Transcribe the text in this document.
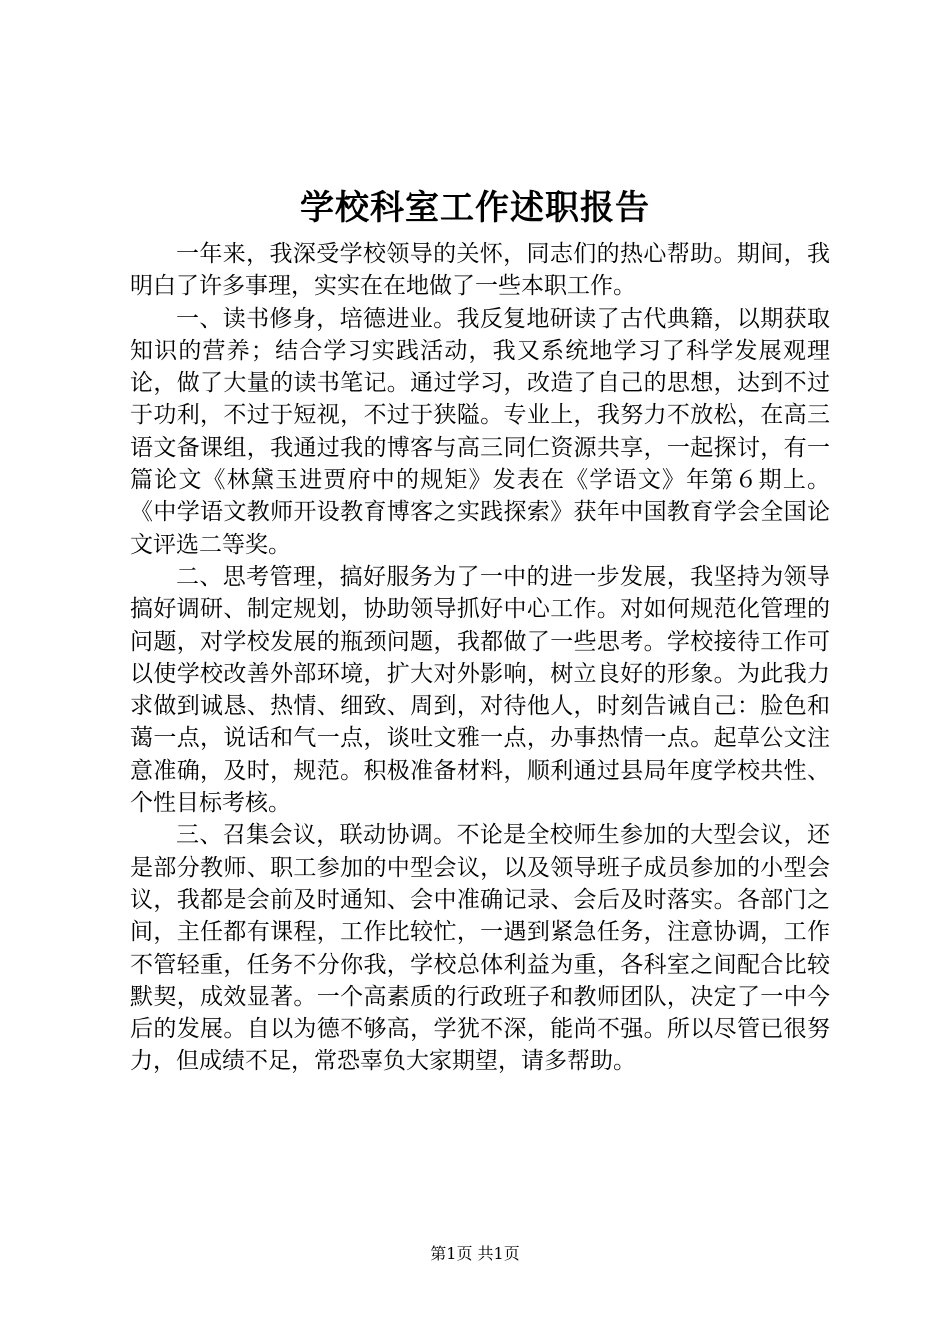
学校科室工作述职报告

一年来，我深受学校领导的关怀，同志们的热心帮助。期间，我明白了许多事理，实实在在地做了一些本职工作。

一、读书修身，培德进业。我反复地研读了古代典籍，以期获取知识的营养；结合学习实践活动，我又系统地学习了科学发展观理论，做了大量的读书笔记。通过学习，改造了自己的思想，达到不过于功利，不过于短视，不过于狭隘。专业上，我努力不放松，在高三语文备课组，我通过我的博客与高三同仁资源共享，一起探讨，有一篇论文《林黛玉进贾府中的规矩》发表在《学语文》年第６期上。《中学语文教师开设教育博客之实践探索》获年中国教育学会全国论文评选二等奖。

二、思考管理，搞好服务为了一中的进一步发展，我坚持为领导搞好调研、制定规划，协助领导抓好中心工作。对如何规范化管理的问题，对学校发展的瓶颈问题，我都做了一些思考。学校接待工作可以使学校改善外部环境，扩大对外影响，树立良好的形象。为此我力求做到诚恳、热情、细致、周到，对待他人，时刻告诫自己：脸色和蔼一点，说话和气一点，谈吐文雅一点，办事热情一点。起草公文注意准确，及时，规范。积极准备材料，顺利通过县局年度学校共性、个性目标考核。

三、召集会议，联动协调。不论是全校师生参加的大型会议，还是部分教师、职工参加的中型会议，以及领导班子成员参加的小型会议，我都是会前及时通知、会中准确记录、会后及时落实。各部门之间，主任都有课程，工作比较忙，一遇到紧急任务，注意协调，工作不管轻重，任务不分你我，学校总体利益为重，各科室之间配合比较默契，成效显著。一个高素质的行政班子和教师团队，决定了一中今后的发展。自以为德不够高，学犹不深，能尚不强。所以尽管已很努力，但成绩不足，常恐辜负大家期望，请多帮助。

第1页 共1页
